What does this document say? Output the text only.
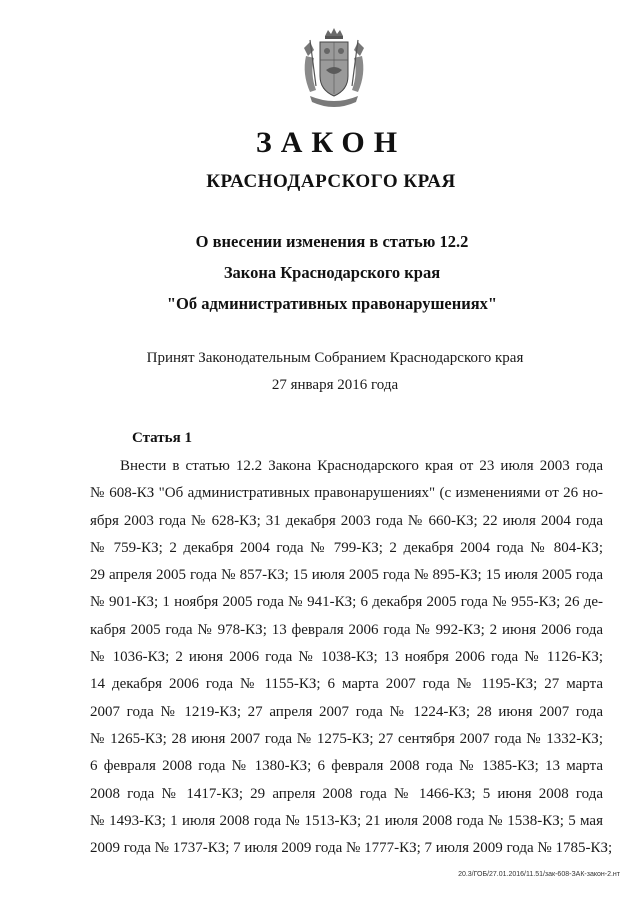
ЗАКОН
КРАСНОДАРСКОГО КРАЯ
О внесении изменения в статью 12.2
Закона Краснодарского края
"Об административных правонарушениях"
Принят Законодательным Собранием Краснодарского края
27 января 2016 года
Статья 1
Внести в статью 12.2 Закона Краснодарского края от 23 июля 2003 года
№ 608-КЗ "Об административных правонарушениях" (с изменениями от 26 но-
ября 2003 года № 628-КЗ; 31 декабря 2003 года № 660-КЗ; 22 июля 2004 года
№ 759-КЗ; 2 декабря 2004 года № 799-КЗ; 2 декабря 2004 года № 804-КЗ;
29 апреля 2005 года № 857-КЗ; 15 июля 2005 года № 895-КЗ; 15 июля 2005 года
№ 901-КЗ; 1 ноября 2005 года № 941-КЗ; 6 декабря 2005 года № 955-КЗ; 26 де-
кабря 2005 года № 978-КЗ; 13 февраля 2006 года № 992-КЗ; 2 июня 2006 года
№ 1036-КЗ; 2 июня 2006 года № 1038-КЗ; 13 ноября 2006 года № 1126-КЗ;
14 декабря 2006 года № 1155-КЗ; 6 марта 2007 года № 1195-КЗ; 27 марта
2007 года № 1219-КЗ; 27 апреля 2007 года № 1224-КЗ; 28 июня 2007 года
№ 1265-КЗ; 28 июня 2007 года № 1275-КЗ; 27 сентября 2007 года № 1332-КЗ;
6 февраля 2008 года № 1380-КЗ; 6 февраля 2008 года № 1385-КЗ; 13 марта
2008 года № 1417-КЗ; 29 апреля 2008 года № 1466-КЗ; 5 июня 2008 года
№ 1493-КЗ; 1 июля 2008 года № 1513-КЗ; 21 июля 2008 года № 1538-КЗ; 5 мая
2009 года № 1737-КЗ; 7 июля 2009 года № 1777-КЗ; 7 июля 2009 года № 1785-КЗ;
20.3/ГОБ/27.01.2016/11.51/зак-608-ЗАК-закон-2.нт
